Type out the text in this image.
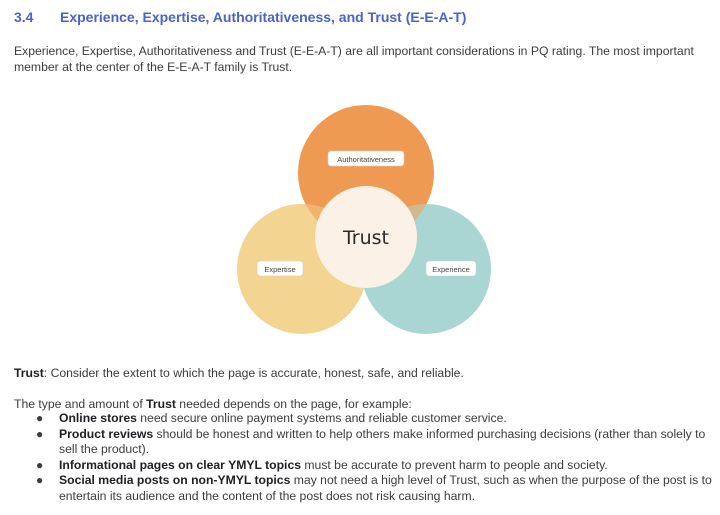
3.4 Experience, Expertise, Authoritativeness, and Trust (E-E-A-T)
Experience, Expertise, Authoritativeness and Trust (E-E-A-T) are all important considerations in PQ rating. The most important member at the center of the E-E-A-T family is Trust.
Authoritativeness
Expertise	Experience
Trust
Trust: Consider the extent to which the page is accurate, honest, safe, and reliable.
The type and amount of Trust needed depends on the page, for example:
● Online stores need secure online payment systems and reliable customer service.
● Product reviews should be honest and written to help others make informed purchasing decisions (rather than solely to sell the product).
● Informational pages on clear YMYL topics must be accurate to prevent harm to people and society.
● Social media posts on non-YMYL topics may not need a high level of Trust, such as when the purpose of the post is to entertain its audience and the content of the post does not risk causing harm.
